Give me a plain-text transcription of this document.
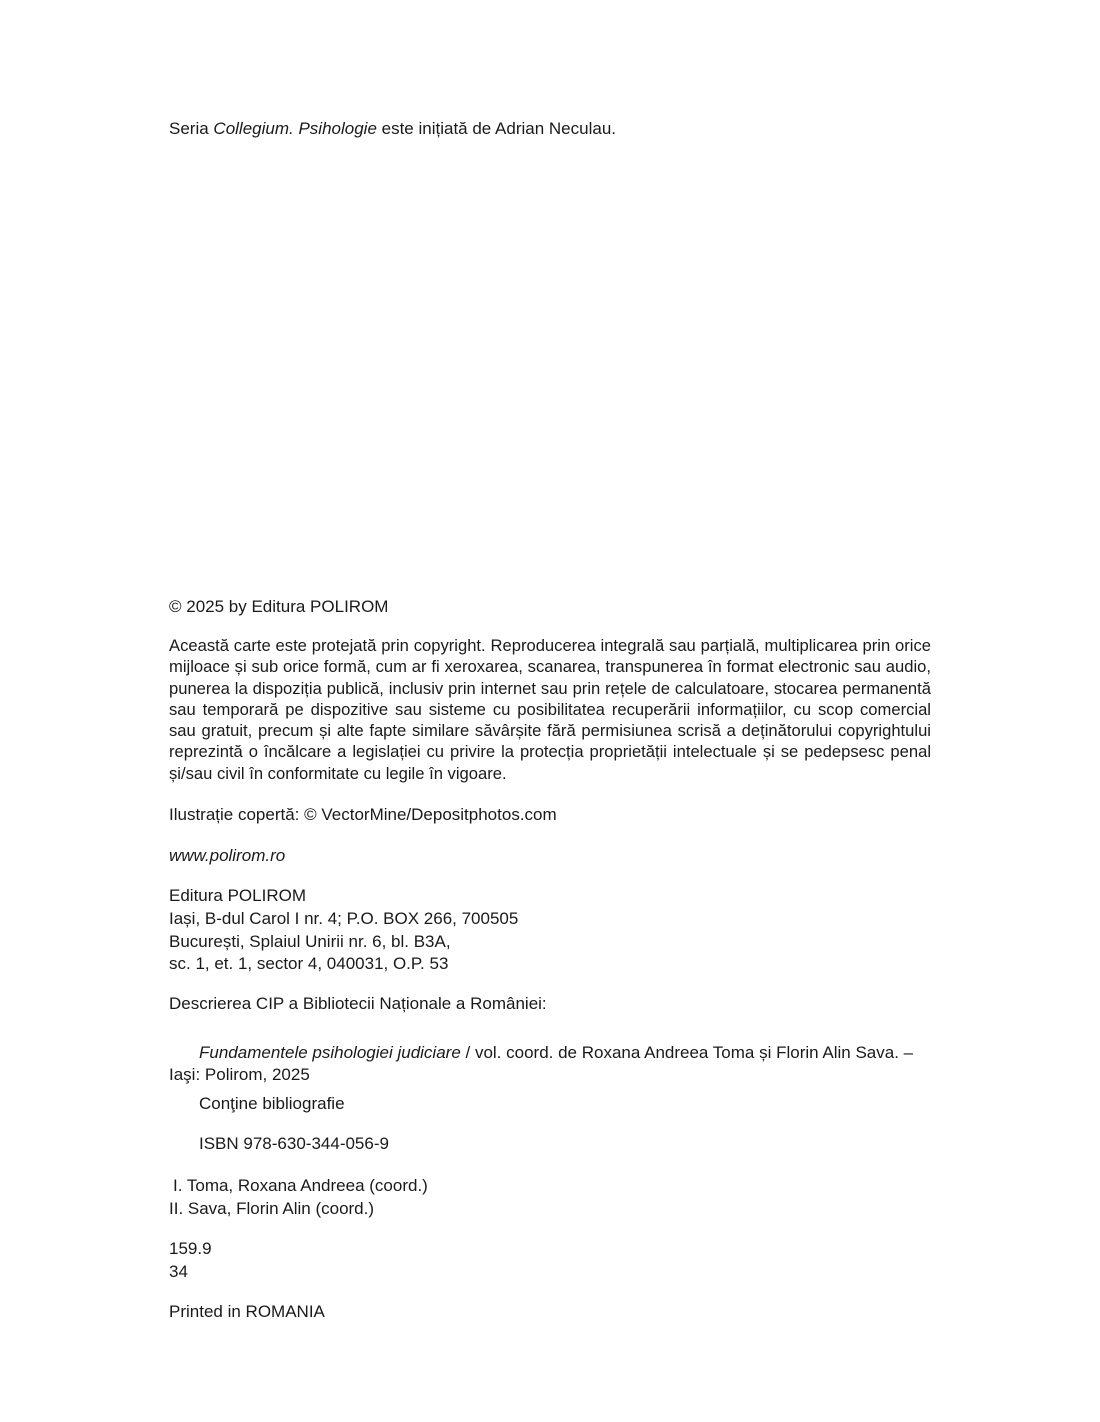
Seria Collegium. Psihologie este inițiată de Adrian Neculau.

© 2025 by Editura POLIROM

Această carte este protejată prin copyright. Reproducerea integrală sau parțială, multiplicarea prin orice mijloace și sub orice formă, cum ar fi xeroxarea, scanarea, transpunerea în format electronic sau audio, punerea la dispoziția publică, inclusiv prin internet sau prin rețele de calculatoare, stocarea permanentă sau temporară pe dispozitive sau sisteme cu posibilitatea recuperării informațiilor, cu scop comercial sau gratuit, precum și alte fapte similare săvârșite fără permisiunea scrisă a deținătorului copyrightului reprezintă o încălcare a legislației cu privire la protecția proprietății intelectuale și se pedepsesc penal și/sau civil în conformitate cu legile în vigoare.

Ilustrație copertă: © VectorMine/Depositphotos.com

www.polirom.ro

Editura POLIROM
Iași, B-dul Carol I nr. 4; P.O. BOX 266, 700505
București, Splaiul Unirii nr. 6, bl. B3A,
sc. 1, et. 1, sector 4, 040031, O.P. 53

Descrierea CIP a Bibliotecii Naționale a României:

Fundamentele psihologiei judiciare / vol. coord. de Roxana Andreea Toma și Florin Alin Sava. –
Iaşi: Polirom, 2025

Conţine bibliografie

ISBN 978-630-344-056-9

I. Toma, Roxana Andreea (coord.)
II. Sava, Florin Alin (coord.)

159.9
34

Printed in ROMANIA
